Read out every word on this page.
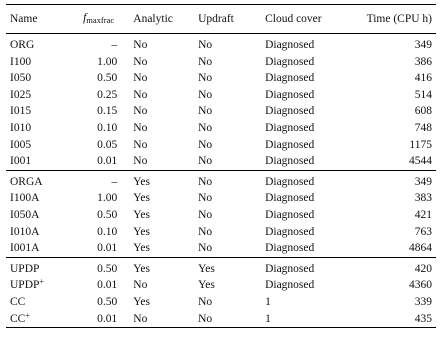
Name	$f_{maxfrac}$	Analytic	Updraft	Cloud cover	Time (CPU h)
ORG	–	No	No	Diagnosed	349
I100	1.00	No	No	Diagnosed	386
I050	0.50	No	No	Diagnosed	416
I025	0.25	No	No	Diagnosed	514
I015	0.15	No	No	Diagnosed	608
I010	0.10	No	No	Diagnosed	748
I005	0.05	No	No	Diagnosed	1175
I001	0.01	No	No	Diagnosed	4544
ORGA	–	Yes	No	Diagnosed	349
I100A	1.00	Yes	No	Diagnosed	383
I050A	0.50	Yes	No	Diagnosed	421
I010A	0.10	Yes	No	Diagnosed	763
I001A	0.01	Yes	No	Diagnosed	4864
UPDP	0.50	Yes	Yes	Diagnosed	420
UPDP+	0.01	No	Yes	Diagnosed	4360
CC	0.50	Yes	No	1	339
CC+	0.01	No	No	1	435
